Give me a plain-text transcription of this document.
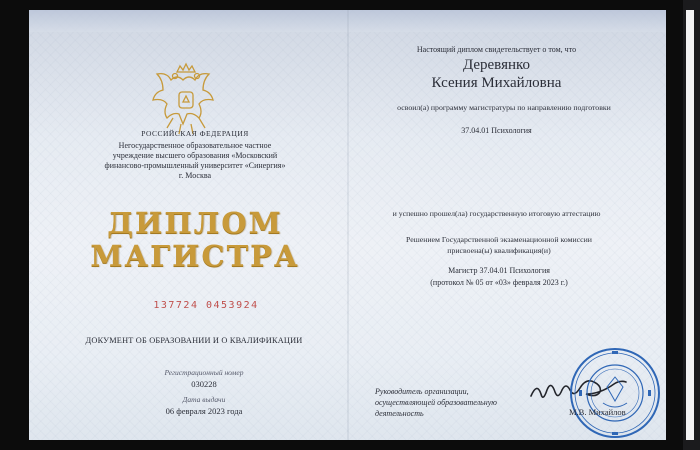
РОССИЙСКАЯ ФЕДЕРАЦИЯ
Негосударственное образовательное частное
учреждение высшего образования «Московский
финансово-промышленный университет «Синергия»
г. Москва
ДИПЛОМ
МАГИСТРА
137724 0453924
ДОКУМЕНТ ОБ ОБРАЗОВАНИИ И О КВАЛИФИКАЦИИ
Регистрационный номер
030228
Дата выдачи
06 февраля 2023 года
Настоящий диплом свидетельствует о том, что
Деревянко
Ксения Михайловна
освоил(а) программу магистратуры по направлению подготовки
37.04.01 Психология
и успешно прошел(ла) государственную итоговую аттестацию
Решением Государственной экзаменационной комиссии
присвоена(ы) квалификация(и)
Магистр 37.04.01 Психология
(протокол № 05 от «03» февраля 2023 г.)
Руководитель организации,
осуществляющей образовательную
деятельность	М.В. Михайлов
